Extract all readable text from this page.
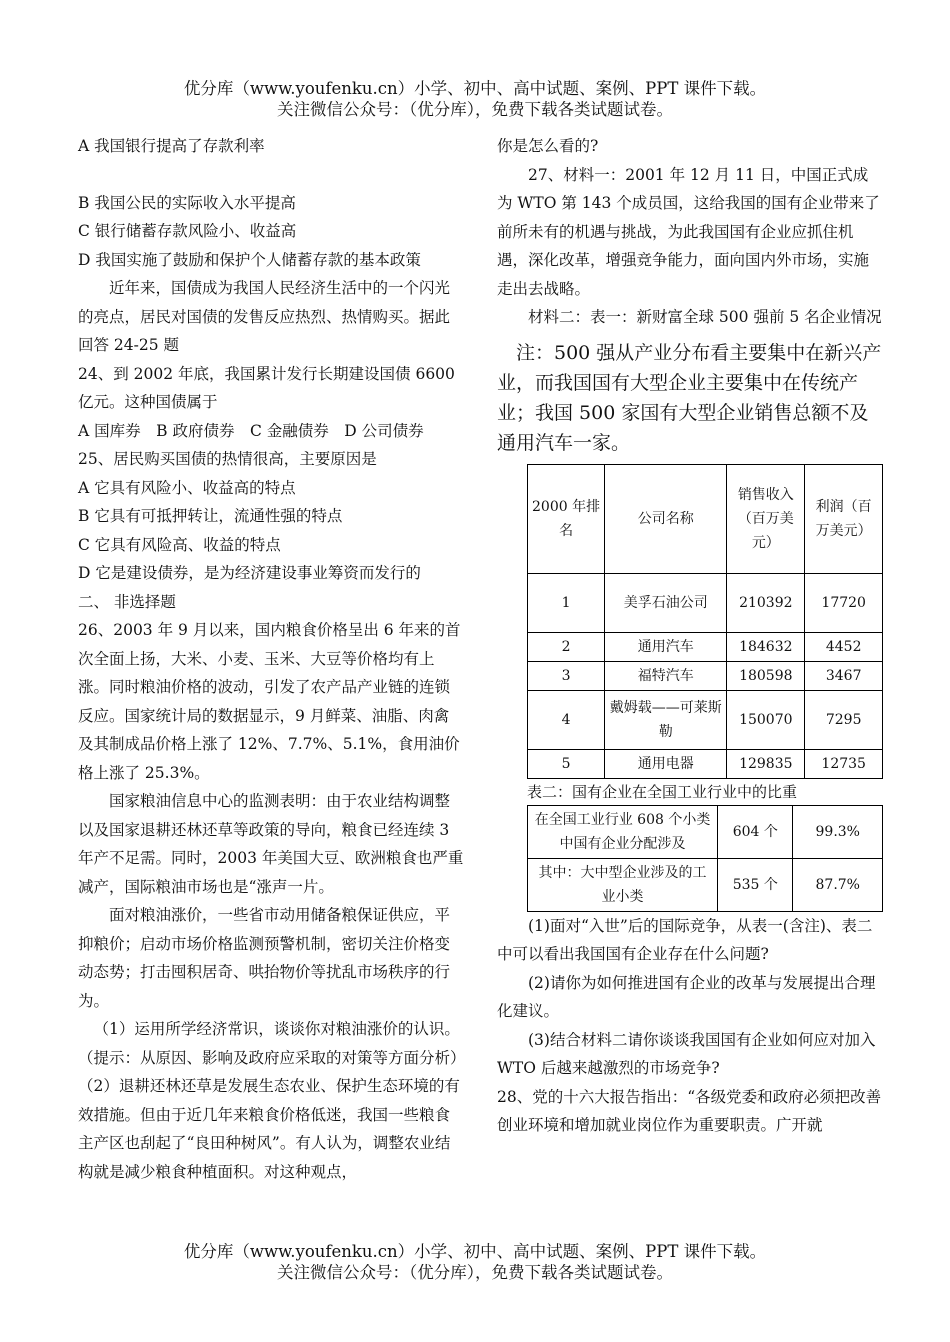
优分库（www.youfenku.cn）小学、初中、高中试题、案例、PPT 课件下载。
关注微信公众号：（优分库），免费下载各类试题试卷。

A 我国银行提高了存款利率

B 我国公民的实际收入水平提高

C 银行储蓄存款风险小、收益高

D 我国实施了鼓励和保护个人储蓄存款的基本政策

近年来，国债成为我国人民经济生活中的一个闪光的亮点，居民对国债的发售反应热烈、热情购买。据此回答 24-25 题

24、到 2002 年底，我国累计发行长期建设国债 6600 亿元。这种国债属于

A 国库券　B 政府债券　C 金融债券　D 公司债券

25、居民购买国债的热情很高，主要原因是

A 它具有风险小、收益高的特点

B 它具有可抵押转让，流通性强的特点

C 它具有风险高、收益的特点

D 它是建设债券，是为经济建设事业筹资而发行的

二、 非选择题

26、2003 年 9 月以来，国内粮食价格呈出 6 年来的首次全面上扬，大米、小麦、玉米、大豆等价格均有上涨。同时粮油价格的波动，引发了农产品产业链的连锁反应。国家统计局的数据显示，9 月鲜菜、油脂、肉禽及其制成品价格上涨了 12%、7.7%、5.1%，食用油价格上涨了 25.3%。

国家粮油信息中心的监测表明：由于农业结构调整以及国家退耕还林还草等政策的导向，粮食已经连续 3 年产不足需。同时，2003 年美国大豆、欧洲粮食也严重减产，国际粮油市场也是“涨声一片。

面对粮油涨价，一些省市动用储备粮保证供应，平抑粮价；启动市场价格监测预警机制，密切关注价格变动态势；打击囤积居奇、哄抬物价等扰乱市场秩序的行为。

（1）运用所学经济常识，谈谈你对粮油涨价的认识。（提示：从原因、影响及政府应采取的对策等方面分析）

（2）退耕还林还草是发展生态农业、保护生态环境的有效措施。但由于近几年来粮食价格低迷，我国一些粮食主产区也刮起了“良田种树风”。有人认为，调整农业结构就是减少粮食种植面积。对这种观点，

你是怎么看的?

27、材料一：2001 年 12 月 11 日，中国正式成为 WTO 第 143 个成员国，这给我国的国有企业带来了前所未有的机遇与挑战，为此我国国有企业应抓住机遇，深化改革，增强竞争能力，面向国内外市场，实施走出去战略。

材料二：表一：新财富全球 500 强前 5 名企业情况

注：500 强从产业分布看主要集中在新兴产业，而我国国有大型企业主要集中在传统产业；我国 500 家国有大型企业销售总额不及通用汽车一家。

2000 年排名	公司名称	销售收入（百万美元）	利润（百万美元）
1	美孚石油公司	210392	17720
2	通用汽车	184632	4452
3	福特汽车	180598	3467
4	戴姆载——可莱斯勒	150070	7295
5	通用电器	129835	12735

表二：国有企业在全国工业行业中的比重

在全国工业行业 608 个小类中国有企业分配涉及	604 个	99.3%
其中：大中型企业涉及的工业小类	535 个	87.7%

(1)面对“入世”后的国际竞争，从表一(含注)、表二中可以看出我国国有企业存在什么问题?

(2)请你为如何推进国有企业的改革与发展提出合理化建议。

(3)结合材料二请你谈谈我国国有企业如何应对加入 WTO 后越来越激烈的市场竞争?

28、党的十六大报告指出：“各级党委和政府必须把改善创业环境和增加就业岗位作为重要职责。广开就

优分库（www.youfenku.cn）小学、初中、高中试题、案例、PPT 课件下载。
关注微信公众号：（优分库），免费下载各类试题试卷。
